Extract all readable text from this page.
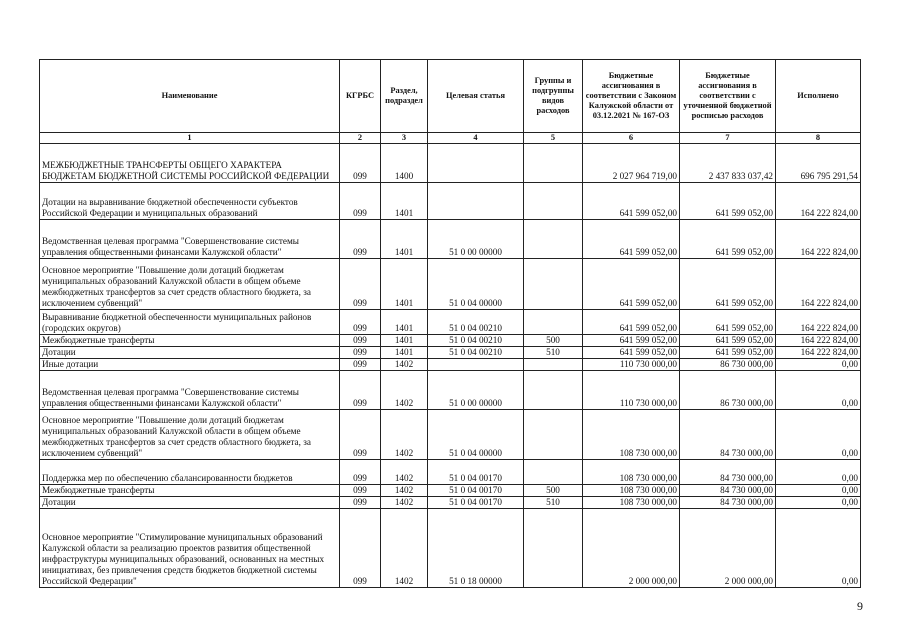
Наименование	КГРБС	Раздел, подраздел	Целевая статья	Группы и подгруппы видов расходов	Бюджетные ассигнования в соответствии с Законом Калужской области от 03.12.2021 № 167-ОЗ	Бюджетные ассигнования в соответствии с уточненной бюджетной росписью расходов	Исполнено
1	2	3	4	5	6	7	8
МЕЖБЮДЖЕТНЫЕ ТРАНСФЕРТЫ ОБЩЕГО ХАРАКТЕРА БЮДЖЕТАМ БЮДЖЕТНОЙ СИСТЕМЫ РОССИЙСКОЙ ФЕДЕРАЦИИ	099	1400			2 027 964 719,00	2 437 833 037,42	696 795 291,54
Дотации на выравнивание бюджетной обеспеченности субъектов Российской Федерации и муниципальных образований	099	1401			641 599 052,00	641 599 052,00	164 222 824,00
Ведомственная целевая программа "Совершенствование системы управления общественными финансами Калужской области"	099	1401	51 0 00 00000		641 599 052,00	641 599 052,00	164 222 824,00
Основное мероприятие "Повышение доли дотаций бюджетам муниципальных образований Калужской области в общем объеме межбюджетных трансфертов за счет средств областного бюджета, за исключением субвенций"	099	1401	51 0 04 00000		641 599 052,00	641 599 052,00	164 222 824,00
Выравнивание бюджетной обеспеченности муниципальных районов (городских округов)	099	1401	51 0 04 00210		641 599 052,00	641 599 052,00	164 222 824,00
Межбюджетные трансферты	099	1401	51 0 04 00210	500	641 599 052,00	641 599 052,00	164 222 824,00
Дотации	099	1401	51 0 04 00210	510	641 599 052,00	641 599 052,00	164 222 824,00
Иные дотации	099	1402			110 730 000,00	86 730 000,00	0,00
Ведомственная целевая программа "Совершенствование системы управления общественными финансами Калужской области"	099	1402	51 0 00 00000		110 730 000,00	86 730 000,00	0,00
Основное мероприятие "Повышение доли дотаций бюджетам муниципальных образований Калужской области в общем объеме межбюджетных трансфертов за счет средств областного бюджета, за исключением субвенций"	099	1402	51 0 04 00000		108 730 000,00	84 730 000,00	0,00
Поддержка мер по обеспечению сбалансированности бюджетов	099	1402	51 0 04 00170		108 730 000,00	84 730 000,00	0,00
Межбюджетные трансферты	099	1402	51 0 04 00170	500	108 730 000,00	84 730 000,00	0,00
Дотации	099	1402	51 0 04 00170	510	108 730 000,00	84 730 000,00	0,00
Основное мероприятие "Стимулирование муниципальных образований Калужской области за реализацию проектов развития общественной инфраструктуры муниципальных образований, основанных на местных инициативах, без привлечения средств бюджетов бюджетной системы Российской Федерации"	099	1402	51 0 18 00000		2 000 000,00	2 000 000,00	0,00
9
